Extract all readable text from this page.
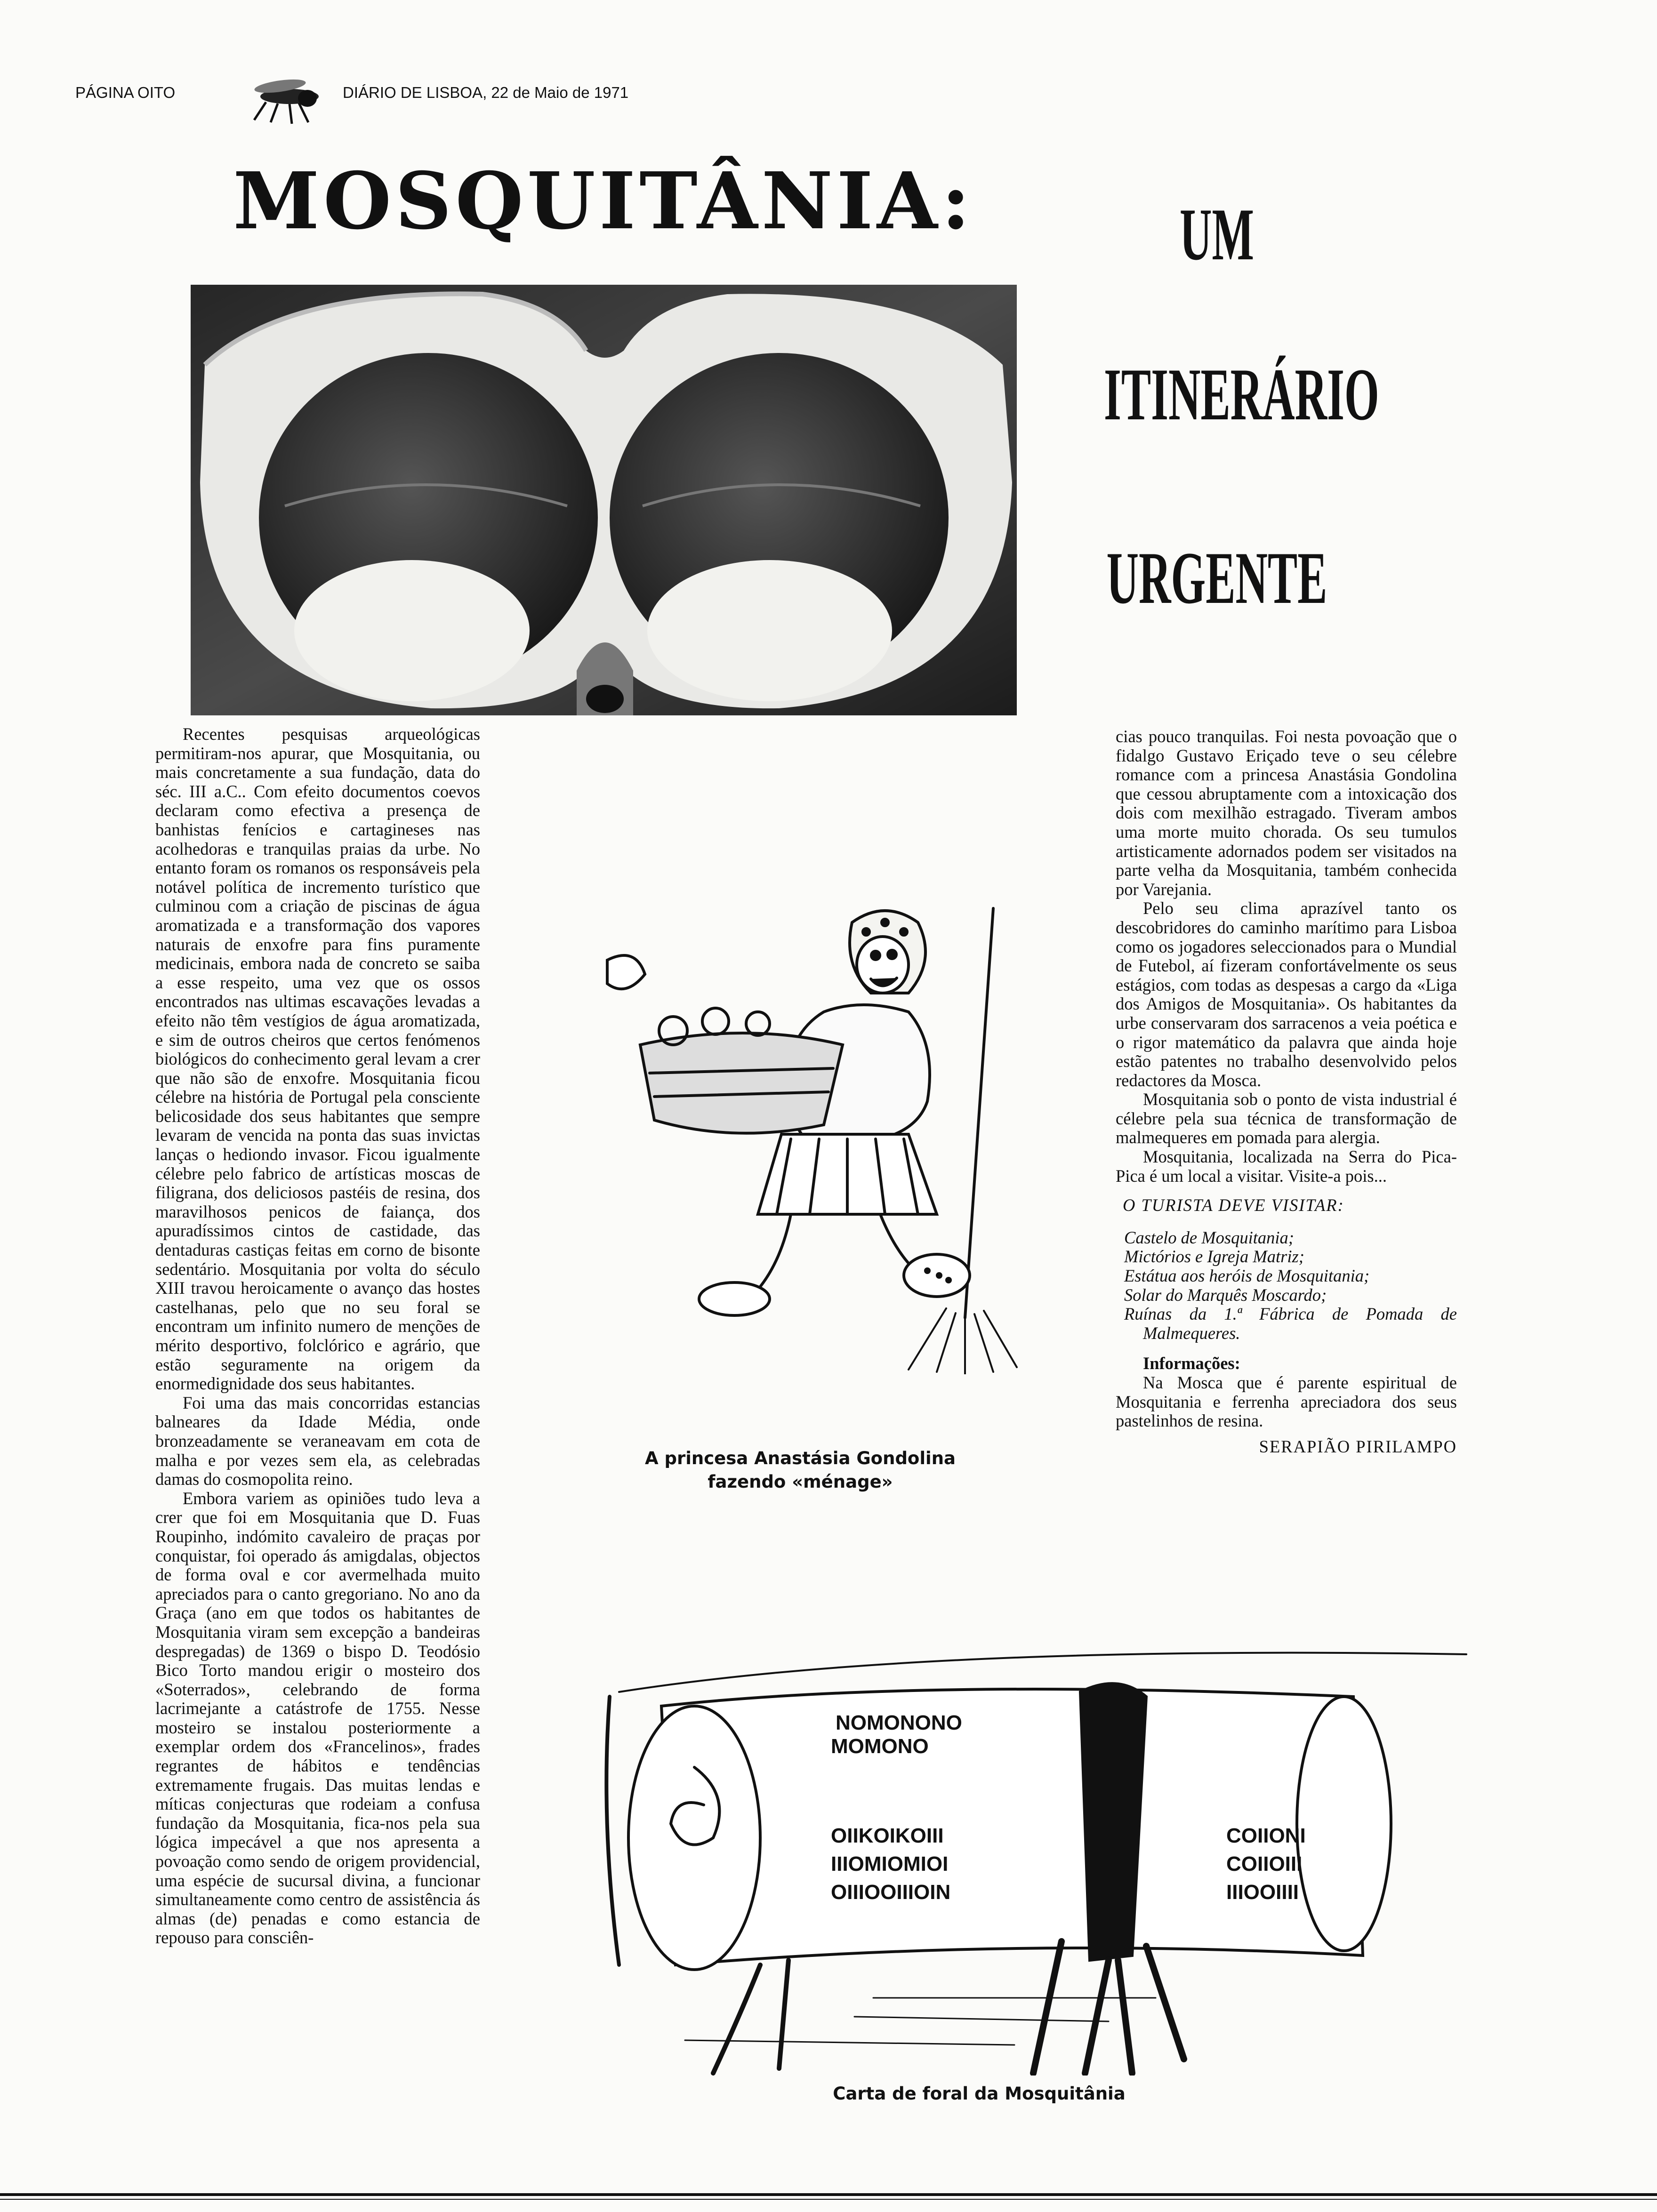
PÁGINA OITO	DIÁRIO DE LISBOA, 22 de Maio de 1971
MOSQUITÂNIA:	UM
ITINERÁRIO
URGENTE

Recentes pesquisas arqueológicas permitiram-nos apurar, que Mosquitania, ou mais concretamente a sua fundação, data do séc. III a.C.. Com efeito documentos coevos declaram como efectiva a presença de banhistas fenícios e cartagineses nas acolhedoras e tranquilas praias da urbe. No entanto foram os romanos os responsáveis pela notável política de incremento turístico que culminou com a criação de piscinas de água aromatizada e a transformação dos vapores naturais de enxofre para fins puramente medicinais, embora nada de concreto se saiba a esse respeito, uma vez que os ossos encontrados nas ultimas escavações levadas a efeito não têm vestígios de água aromatizada, e sim de outros cheiros que certos fenómenos biológicos do conhecimento geral levam a crer que não são de enxofre. Mosquitania ficou célebre na história de Portugal pela consciente belicosidade dos seus habitantes que sempre levaram de vencida na ponta das suas invictas lanças o hediondo invasor. Ficou igualmente célebre pelo fabrico de artísticas moscas de filigrana, dos deliciosos pastéis de resina, dos maravilhosos penicos de faiança, dos apuradíssimos cintos de castidade, das dentaduras castiças feitas em corno de bisonte sedentário. Mosquitania por volta do século XIII travou heroicamente o avanço das hostes castelhanas, pelo que no seu foral se encontram um infinito numero de menções de mérito desportivo, folclórico e agrário, que estão seguramente na origem da enormedignidade dos seus habitantes.

Foi uma das mais concorridas estancias balneares da Idade Média, onde bronzeadamente se veraneavam em cota de malha e por vezes sem ela, as celebradas damas do cosmopolita reino.

Embora variem as opiniões tudo leva a crer que foi em Mosquitania que D. Fuas Roupinho, indómito cavaleiro de praças por conquistar, foi operado ás amigdalas, objectos de forma oval e cor avermelhada muito apreciados para o canto gregoriano. No ano da Graça (ano em que todos os habitantes de Mosquitania viram sem excepção a bandeiras despregadas) de 1369 o bispo D. Teodósio Bico Torto mandou erigir o mosteiro dos «Soterrados», celebrando de forma lacrimejante a catástrofe de 1755. Nesse mosteiro se instalou posteriormente a exemplar ordem dos «Francelinos», frades regrantes de hábitos e tendências extremamente frugais. Das muitas lendas e míticas conjecturas que rodeiam a confusa fundação da Mosquitania, fica-nos pela sua lógica impecável a que nos apresenta a povoação como sendo de origem providencial, uma espécie de sucursal divina, a funcionar simultaneamente como centro de assistência ás almas (de) penadas e como estancia de repouso para consciên-

A princesa Anastásia Gondolina
fazendo «ménage»

cias pouco tranquilas. Foi nesta povoação que o fidalgo Gustavo Eriçado teve o seu célebre romance com a princesa Anastásia Gondolina que cessou abruptamente com a intoxicação dos dois com mexilhão estragado. Tiveram ambos uma morte muito chorada. Os seu tumulos artisticamente adornados podem ser visitados na parte velha da Mosquitania, também conhecida por Varejania.

Pelo seu clima aprazível tanto os descobridores do caminho marítimo para Lisboa como os jogadores seleccionados para o Mundial de Futebol, aí fizeram confortávelmente os seus estágios, com todas as despesas a cargo da «Liga dos Amigos de Mosquitania». Os habitantes da urbe conservaram dos sarracenos a veia poética e o rigor matemático da palavra que ainda hoje estão patentes no trabalho desenvolvido pelos redactores da Mosca.

Mosquitania sob o ponto de vista industrial é célebre pela sua técnica de transformação de malmequeres em pomada para alergia.

Mosquitania, localizada na Serra do Pica-Pica é um local a visitar. Visite-a pois...

O TURISTA DEVE VISITAR:
Castelo de Mosquitania;
Mictórios e Igreja Matriz;
Estátua aos heróis de Mosquitania;
Solar do Marquês Moscardo;
Ruínas da 1.ª Fábrica de Pomada de Malmequeres.
Informações:

Na Mosca que é parente espiritual de Mosquitania e ferrenha apreciadora dos seus pastelinhos de resina.

SERAPIÃO PIRILAMPO
NOMONONO
MOMONO
OIIKOIKOIII
IIIOMIOMIOI
OIIIOOIIIOIN
COIIONI
COIIOIII
IIIOOIIII
Carta de foral da Mosquitânia
